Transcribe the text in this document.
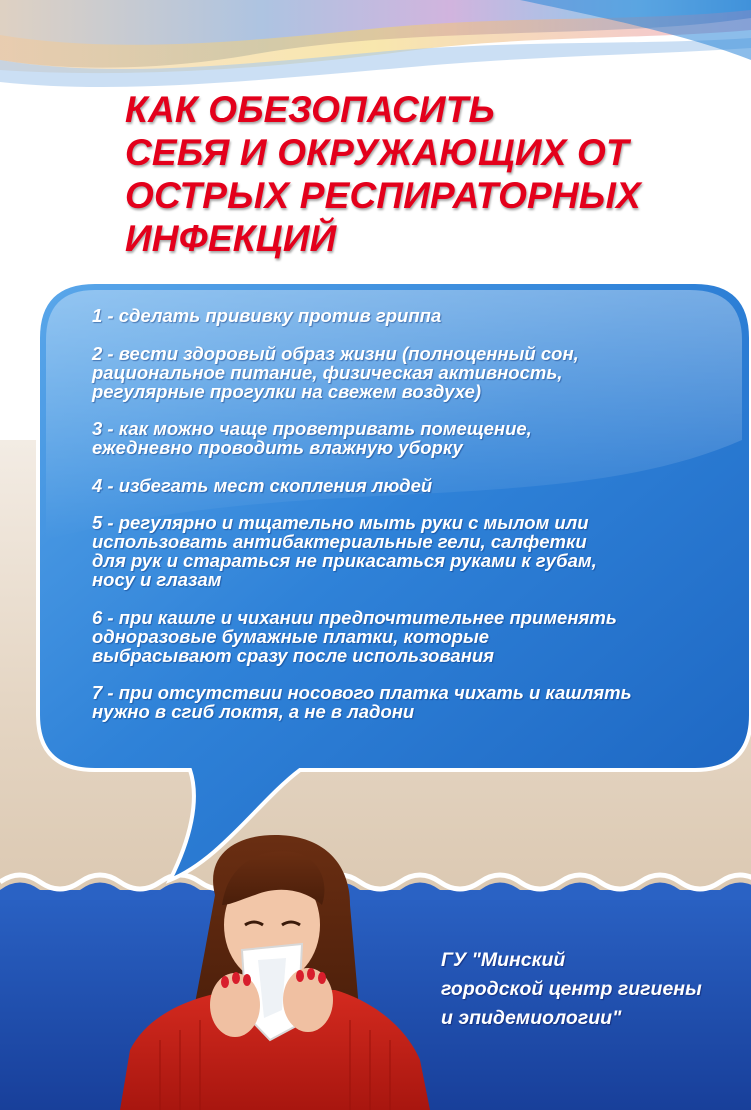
КАК ОБЕЗОПАСИТЬ
СЕБЯ И ОКРУЖАЮЩИХ ОТ
ОСТРЫХ РЕСПИРАТОРНЫХ
ИНФЕКЦИЙ
1 - сделать прививку против гриппа
2 - вести здоровый образ жизни (полноценный сон,
рациональное питание, физическая активность,
регулярные прогулки на свежем воздухе)
3 - как можно чаще проветривать помещение,
ежедневно проводить влажную уборку
4 - избегать мест скопления людей
5 - регулярно и тщательно мыть руки с мылом или
использовать антибактериальные гели, салфетки
для рук и стараться не прикасаться руками к губам,
носу и глазам
6 - при кашле и чихании предпочтительнее применять
одноразовые бумажные платки, которые
выбрасывают сразу после использования
7 - при отсутствии носового платка чихать и кашлять
нужно в сгиб локтя, а не в ладони

ГУ "Минский
городской центр гигиены
и эпидемиологии"
